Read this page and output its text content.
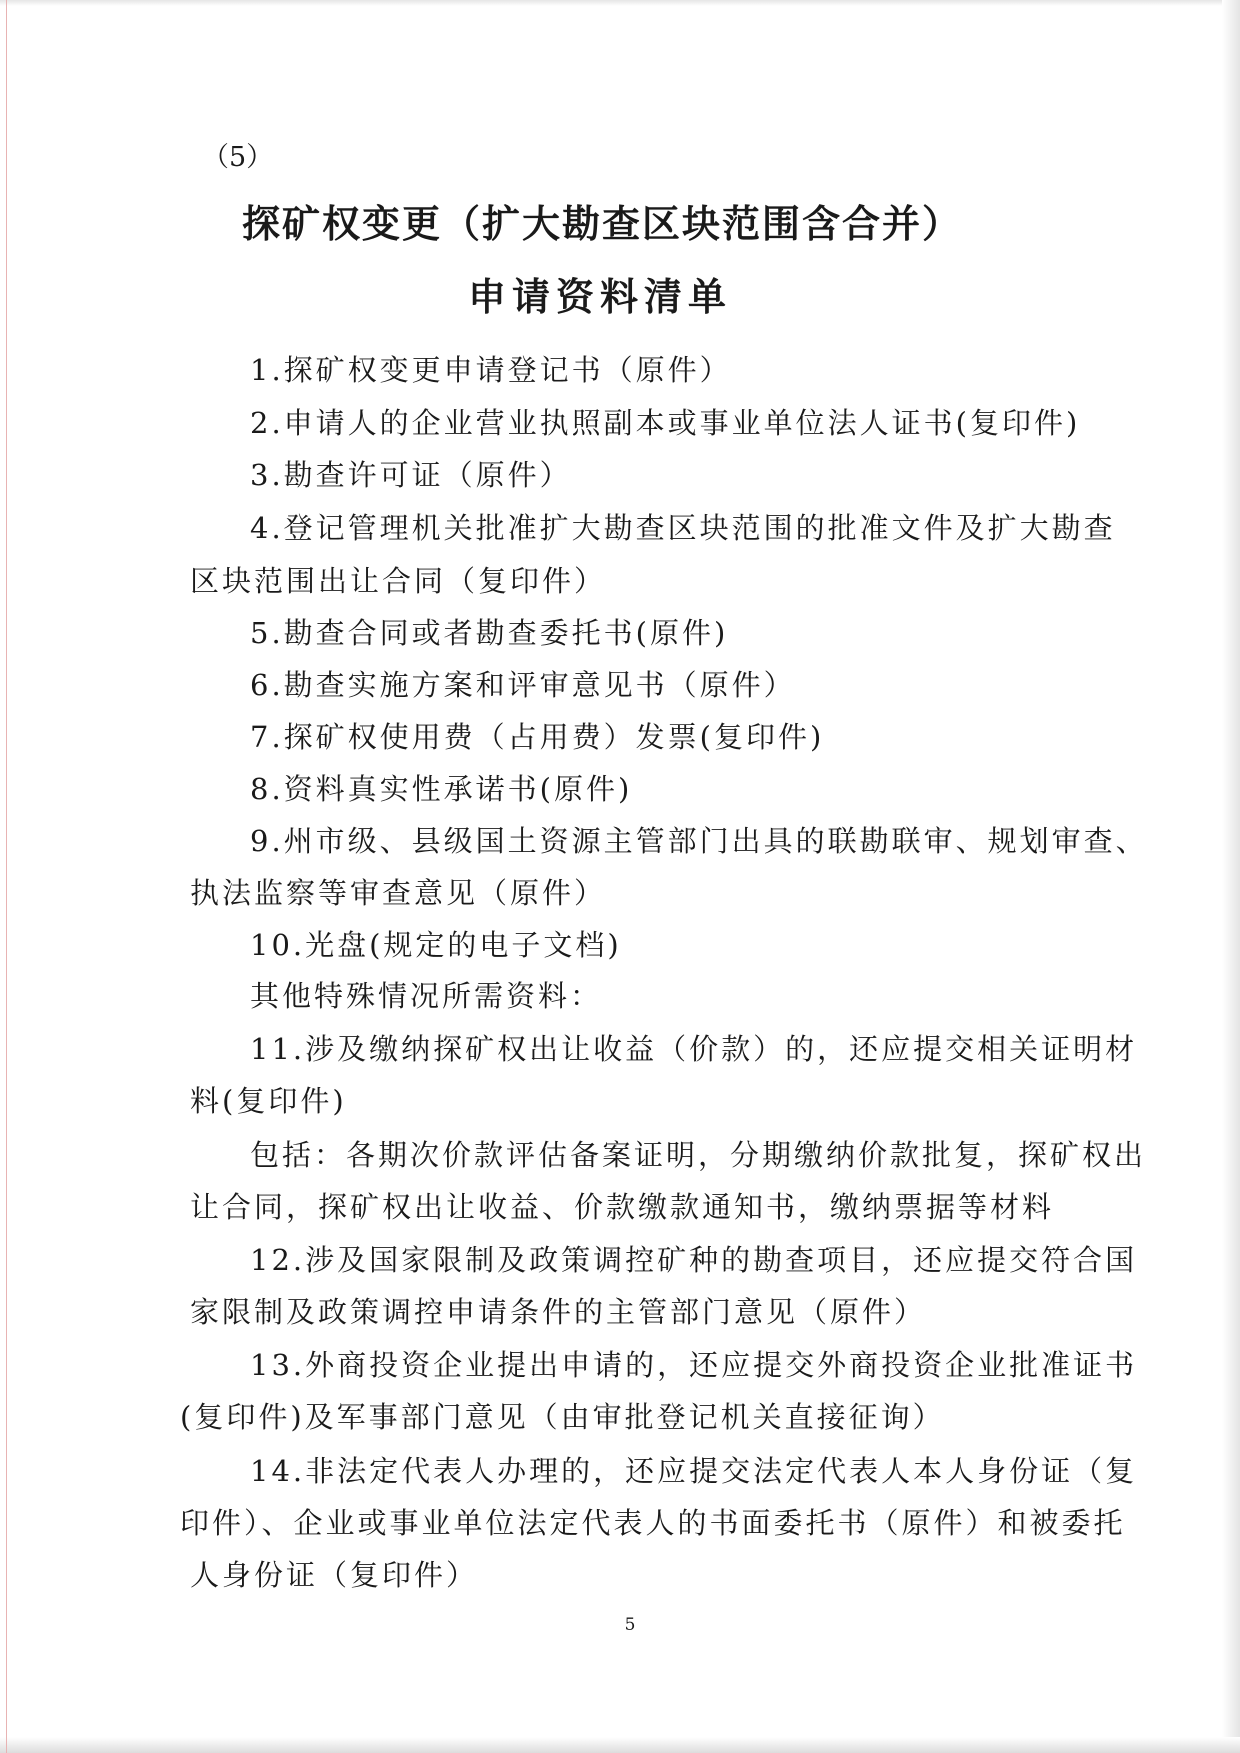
（5）
探矿权变更（扩大勘查区块范围含合并）
申请资料清单
1.探矿权变更申请登记书（原件）
2.申请人的企业营业执照副本或事业单位法人证书(复印件)
3.勘查许可证（原件）
4.登记管理机关批准扩大勘查区块范围的批准文件及扩大勘查
区块范围出让合同（复印件）
5.勘查合同或者勘查委托书(原件)
6.勘查实施方案和评审意见书（原件）
7.探矿权使用费（占用费）发票(复印件)
8.资料真实性承诺书(原件)
9.州市级、县级国土资源主管部门出具的联勘联审、规划审查、
执法监察等审查意见（原件）
10.光盘(规定的电子文档)
其他特殊情况所需资料：
11.涉及缴纳探矿权出让收益（价款）的，还应提交相关证明材
料(复印件)
包括：各期次价款评估备案证明，分期缴纳价款批复，探矿权出
让合同，探矿权出让收益、价款缴款通知书，缴纳票据等材料
12.涉及国家限制及政策调控矿种的勘查项目，还应提交符合国
家限制及政策调控申请条件的主管部门意见（原件）
13.外商投资企业提出申请的，还应提交外商投资企业批准证书
(复印件)及军事部门意见（由审批登记机关直接征询）
14.非法定代表人办理的，还应提交法定代表人本人身份证（复
印件）、企业或事业单位法定代表人的书面委托书（原件）和被委托
人身份证（复印件）
5
